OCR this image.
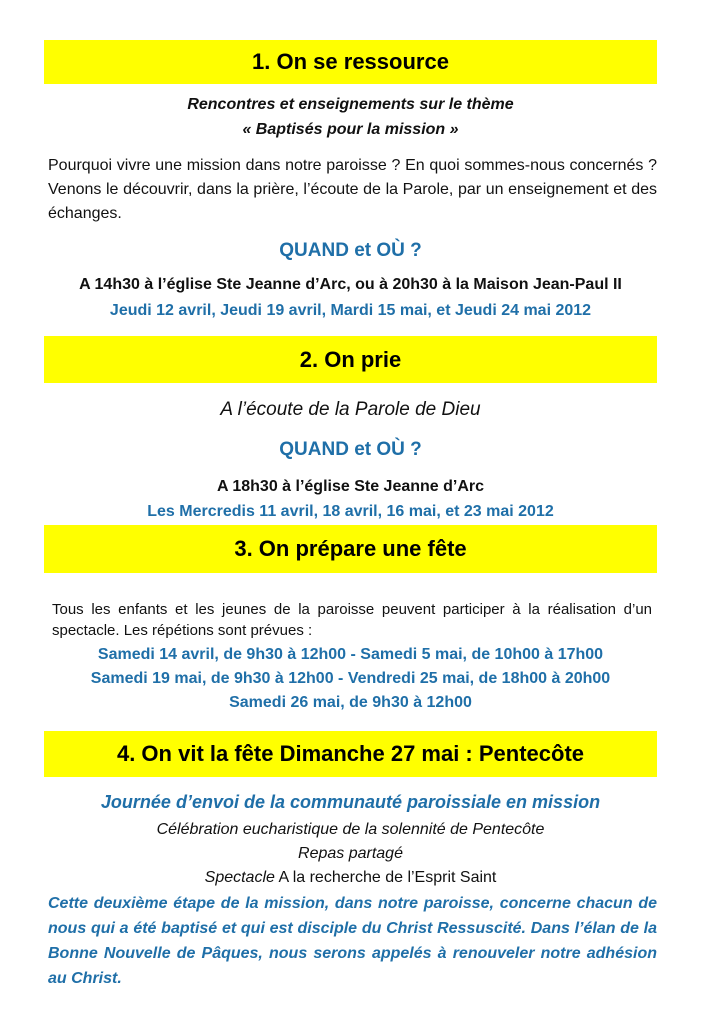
1. On se ressource
Rencontres et enseignements sur le thème
« Baptisés pour la mission »
Pourquoi vivre une mission dans notre paroisse ? En quoi sommes-nous concernés ? Venons le découvrir, dans la prière, l’écoute de la Parole, par un enseignement et des échanges.
QUAND et OÙ ?
A 14h30 à l’église Ste Jeanne d’Arc, ou à 20h30 à la Maison Jean-Paul II
Jeudi 12 avril, Jeudi 19 avril, Mardi 15 mai, et Jeudi 24 mai 2012
2. On prie
A l’écoute de la Parole de Dieu
QUAND et OÙ ?
A 18h30 à l’église Ste Jeanne d’Arc
Les Mercredis 11 avril, 18 avril, 16 mai, et 23 mai 2012
3. On prépare une fête
Tous les enfants et les jeunes de la paroisse peuvent participer à la réalisation d’un spectacle. Les répétions sont prévues :
Samedi 14 avril, de 9h30 à 12h00 - Samedi 5 mai, de 10h00 à 17h00
Samedi 19 mai, de 9h30 à 12h00 - Vendredi 25 mai, de 18h00 à 20h00
Samedi 26 mai, de 9h30 à 12h00
4. On vit la fête Dimanche 27 mai : Pentecôte
Journée d’envoi de la communauté paroissiale en mission
Célébration eucharistique de la solennité de Pentecôte
Repas partagé
Spectacle A la recherche de l’Esprit Saint
Cette deuxième étape de la mission, dans notre paroisse, concerne chacun de nous qui a été baptisé et qui est disciple du Christ Ressuscité. Dans l’élan de la Bonne Nouvelle de Pâques, nous serons appelés à renouveler notre adhésion au Christ.
